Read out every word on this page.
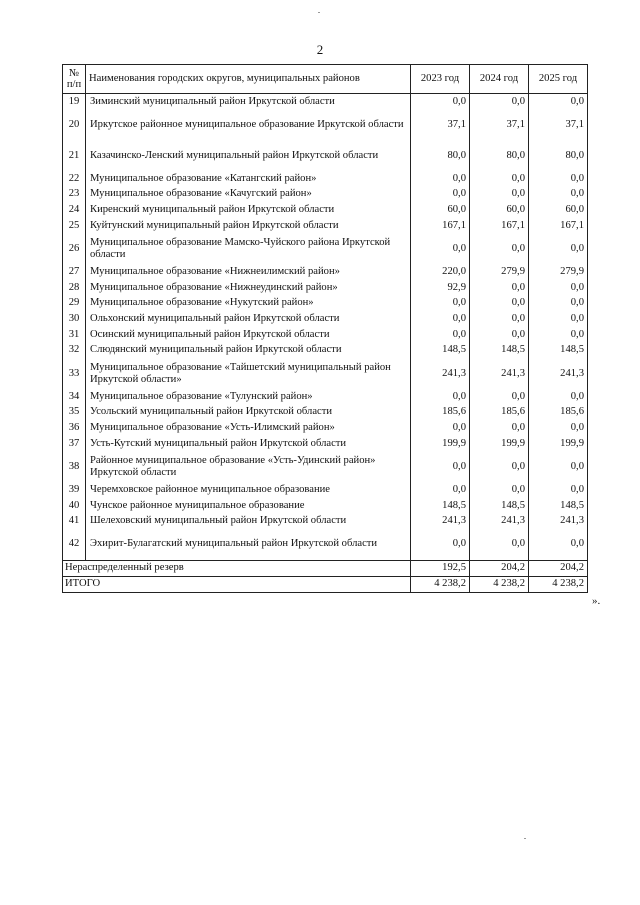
2
№ п/п	Наименования городских округов, муниципальных районов	2023 год	2024 год	2025 год
19	Зиминский муниципальный район Иркутской области	0,0	0,0	0,0
20	Иркутское районное муниципальное образование Иркутской области	37,1	37,1	37,1
21	Казачинско-Ленский муниципальный район Иркутской области	80,0	80,0	80,0
22	Муниципальное образование «Катангский район»	0,0	0,0	0,0
23	Муниципальное образование «Качугский район»	0,0	0,0	0,0
24	Киренский муниципальный район Иркутской области	60,0	60,0	60,0
25	Куйтунский муниципальный район Иркутской области	167,1	167,1	167,1
26	Муниципальное образование Мамско-Чуйского района Иркутской области	0,0	0,0	0,0
27	Муниципальное образование «Нижнеилимский район»	220,0	279,9	279,9
28	Муниципальное образование «Нижнеудинский район»	92,9	0,0	0,0
29	Муниципальное образование «Нукутский район»	0,0	0,0	0,0
30	Ольхонский муниципальный район Иркутской области	0,0	0,0	0,0
31	Осинский муниципальный район Иркутской области	0,0	0,0	0,0
32	Слюдянский муниципальный район Иркутской области	148,5	148,5	148,5
33	Муниципальное образование «Тайшетский муниципальный район Иркутской области»	241,3	241,3	241,3
34	Муниципальное образование «Тулунский район»	0,0	0,0	0,0
35	Усольский муниципальный район Иркутской области	185,6	185,6	185,6
36	Муниципальное образование «Усть-Илимский район»	0,0	0,0	0,0
37	Усть-Кутский муниципальный район Иркутской области	199,9	199,9	199,9
38	Районное муниципальное образование «Усть-Удинский район» Иркутской области	0,0	0,0	0,0
39	Черемховское районное муниципальное образование	0,0	0,0	0,0
40	Чунское районное муниципальное образование	148,5	148,5	148,5
41	Шелеховский муниципальный район Иркутской области	241,3	241,3	241,3
42	Эхирит-Булагатский муниципальный район Иркутской области	0,0	0,0	0,0
Нераспределенный резерв		192,5	204,2	204,2
ИТОГО		4 238,2	4 238,2	4 238,2
».
